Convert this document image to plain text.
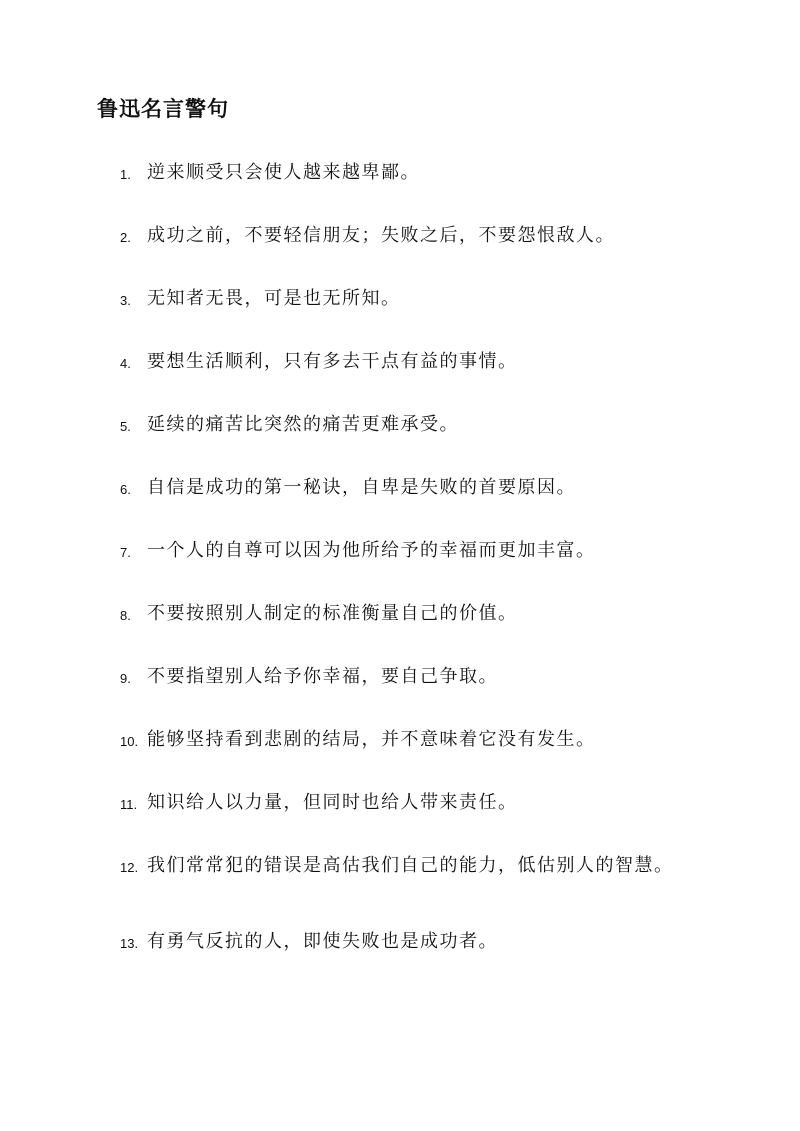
鲁迅名言警句
1. 逆来顺受只会使人越来越卑鄙。
2. 成功之前，不要轻信朋友；失败之后，不要怨恨敌人。
3. 无知者无畏，可是也无所知。
4. 要想生活顺利，只有多去干点有益的事情。
5. 延续的痛苦比突然的痛苦更难承受。
6. 自信是成功的第一秘诀，自卑是失败的首要原因。
7. 一个人的自尊可以因为他所给予的幸福而更加丰富。
8. 不要按照别人制定的标准衡量自己的价值。
9. 不要指望别人给予你幸福，要自己争取。
10. 能够坚持看到悲剧的结局，并不意味着它没有发生。
11. 知识给人以力量，但同时也给人带来责任。
12. 我们常常犯的错误是高估我们自己的能力，低估别人的智慧。
13. 有勇气反抗的人，即使失败也是成功者。
